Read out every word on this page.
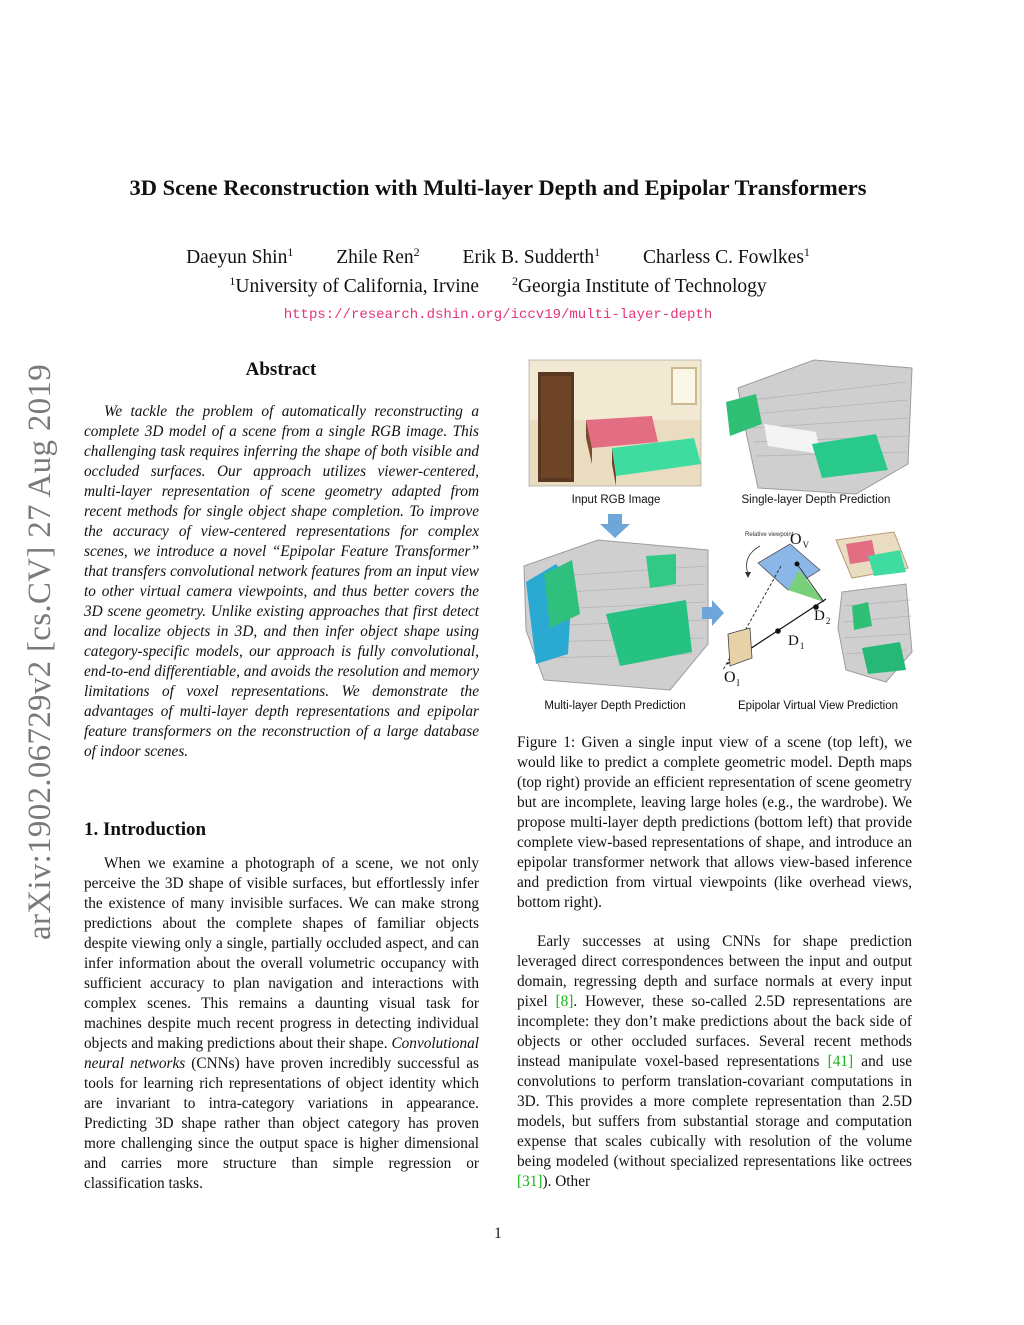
arXiv:1902.06729v2 [cs.CV] 27 Aug 2019
3D Scene Reconstruction with Multi-layer Depth and Epipolar Transformers
Daeyun Shin$^1$ Zhile Ren$^2$ Erik B. Sudderth$^1$ Charless C. Fowlkes$^1$
$^1$University of California, Irvine	$^2$Georgia Institute of Technology
https://research.dshin.org/iccv19/multi-layer-depth
Abstract

We tackle the problem of automatically reconstructing a complete 3D model of a scene from a single RGB image. This challenging task requires inferring the shape of both visible and occluded surfaces. Our approach utilizes viewer-centered, multi-layer representation of scene geometry adapted from recent methods for single object shape completion. To improve the accuracy of view-centered representations for complex scenes, we introduce a novel “Epipolar Feature Transformer” that transfers convolutional network features from an input view to other virtual camera viewpoints, and thus better covers the 3D scene geometry. Unlike existing approaches that first detect and localize objects in 3D, and then infer object shape using category-specific models, our approach is fully convolutional, end-to-end differentiable, and avoids the resolution and memory limitations of voxel representations. We demonstrate the advantages of multi-layer depth representations and epipolar feature transformers on the reconstruction of a large database of indoor scenes.

1. Introduction

When we examine a photograph of a scene, we not only perceive the 3D shape of visible surfaces, but effortlessly infer the existence of many invisible surfaces. We can make strong predictions about the complete shapes of familiar objects despite viewing only a single, partially occluded aspect, and can infer information about the overall volumetric occupancy with sufficient accuracy to plan navigation and interactions with complex scenes. This remains a daunting visual task for machines despite much recent progress in detecting individual objects and making predictions about their shape. Convolutional neural networks (CNNs) have proven incredibly successful as tools for learning rich representations of object identity which are invariant to intra-category variations in appearance. Predicting 3D shape rather than object category has proven more challenging since the output space is higher dimensional and carries more structure than simple regression or classification tasks.

Input RGB Image	Single-layer Depth Prediction
Multi-layer Depth Prediction
Relative viewpoint
$O_V$
$O_I$
$D_1$
$D_2$
Epipolar Virtual View Prediction

Figure 1: Given a single input view of a scene (top left), we would like to predict a complete geometric model. Depth maps (top right) provide an efficient representation of scene geometry but are incomplete, leaving large holes (e.g., the wardrobe). We propose multi-layer depth predictions (bottom left) that provide complete view-based representations of shape, and introduce an epipolar transformer network that allows view-based inference and prediction from virtual viewpoints (like overhead views, bottom right).

Early successes at using CNNs for shape prediction leveraged direct correspondences between the input and output domain, regressing depth and surface normals at every input pixel [8]. However, these so-called 2.5D representations are incomplete: they don’t make predictions about the back side of objects or other occluded surfaces. Several recent methods instead manipulate voxel-based representations [41] and use convolutions to perform translation-covariant computations in 3D. This provides a more complete representation than 2.5D models, but suffers from substantial storage and computation expense that scales cubically with resolution of the volume being modeled (without specialized representations like octrees [31]). Other

1
